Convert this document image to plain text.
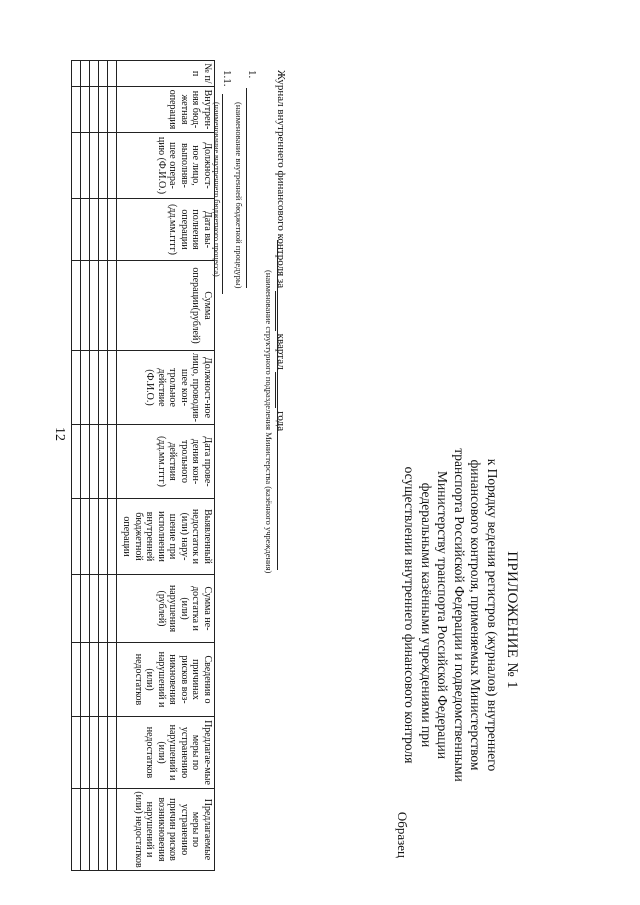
12
ПРИЛОЖЕНИЕ № 1
к Порядку ведения регистров (журналов) внутреннего
финансового контроля, применяемых Министерством
транспорта Российской Федерации и подведомственными
Министерству транспорта Российской Федерации
федеральными казёнными учреждениями при
осуществлении внутреннего финансового контроля
Образец
Журнал внутреннего финансового контроля за   квартал   года
(наименование структурного подразделения Министерства (казённого учреждения)
1.
(наименование внутренней бюджетной процедуры)
1.1.
(наименование внутреннего бюджетного процесса)
№ п/п	Внутрен-няя бюд-жетная операция	Должност-ное лицо, выполняв-шее опера-цию (Ф.И.О.)	Дата вы-полнения операции (дд.мм.гггг)	Сумма операции(рублей)	Должност-ное лицо, проводив-шее кон-трольное действие (Ф.И.О.)	Дата прове-дения кон-трольного действия (дд.мм.гггг)	Выявленный недостаток и (или) нару-шение при исполнении внутренней бюджетной операции	Сумма не-достатка и (или) нарушения (рублей)	Сведения о причинах рисков воз-никновения нарушений и (или) недостатков	Предлагае-мые меры по устранению нарушений и (или) недостатков	Предлагаемые меры по устранению причин рисков возникновения нарушений и (или) недостатков
